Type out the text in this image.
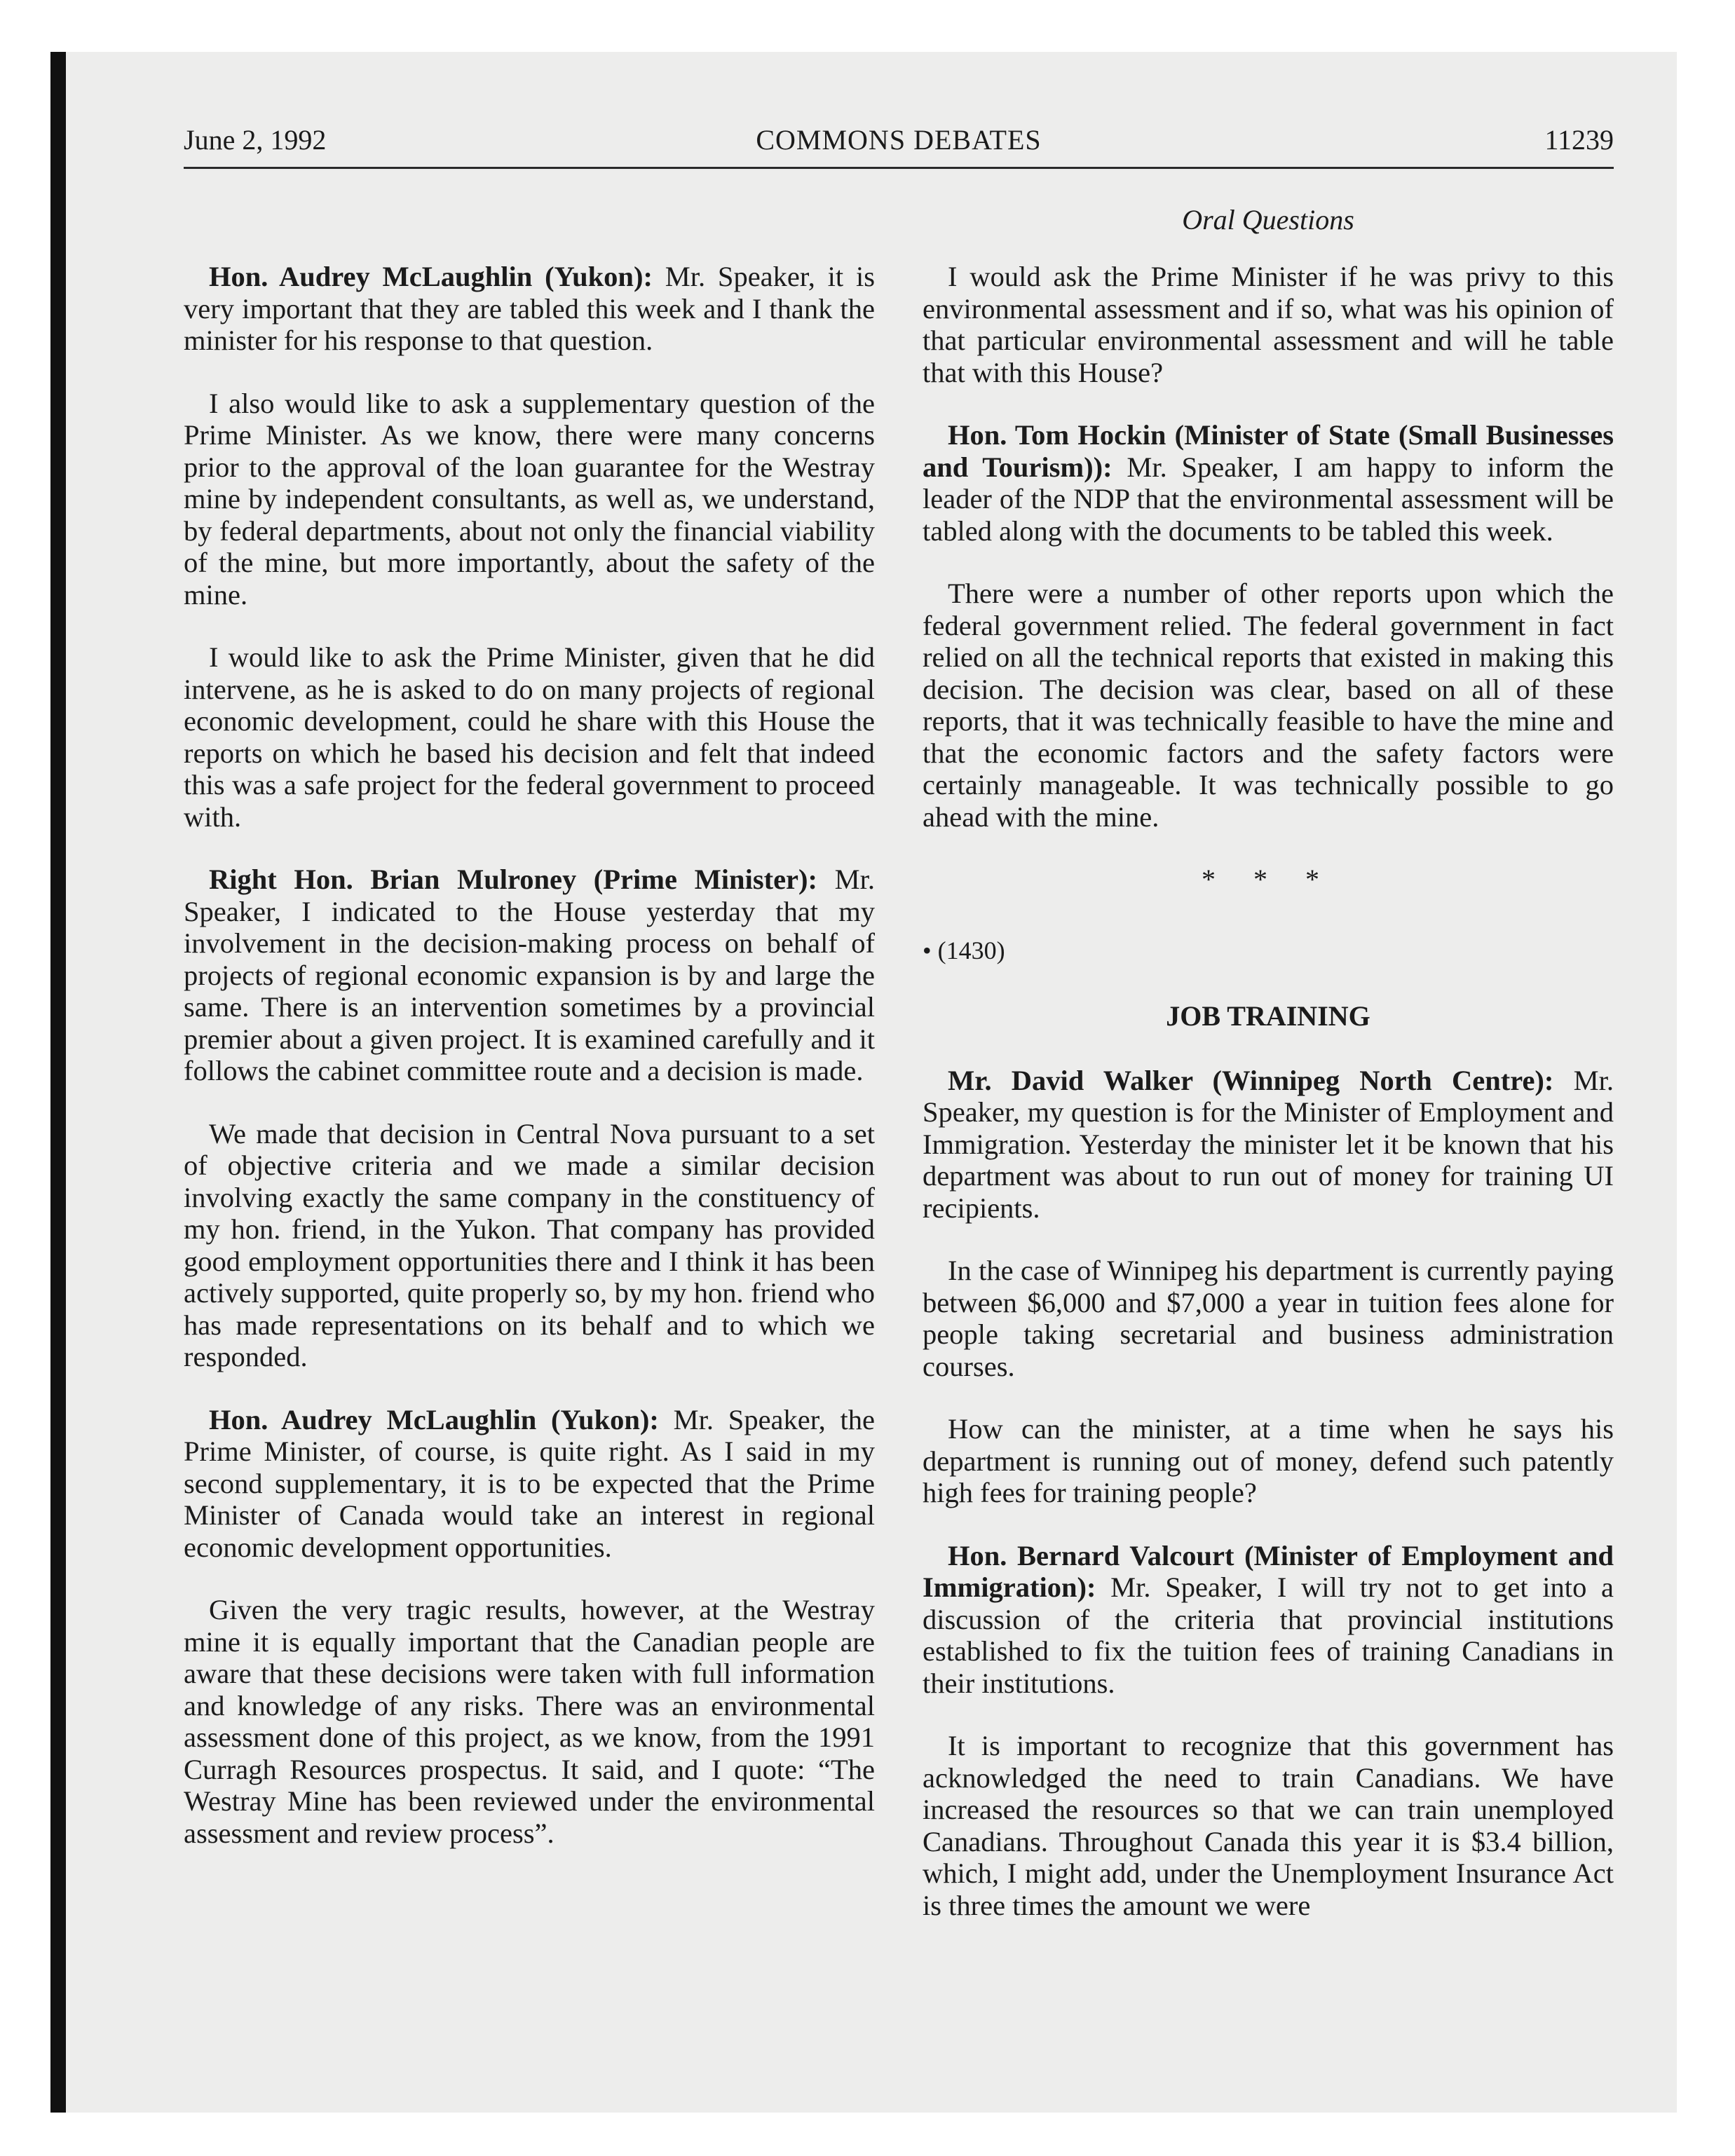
June 2, 1992	COMMONS DEBATES	11239
Oral Questions

Hon. Audrey McLaughlin (Yukon): Mr. Speaker, it is very important that they are tabled this week and I thank the minister for his response to that question.

I also would like to ask a supplementary question of the Prime Minister. As we know, there were many concerns prior to the approval of the loan guarantee for the Westray mine by independent consultants, as well as, we understand, by federal departments, about not only the financial viability of the mine, but more importantly, about the safety of the mine.

I would like to ask the Prime Minister, given that he did intervene, as he is asked to do on many projects of regional economic development, could he share with this House the reports on which he based his decision and felt that indeed this was a safe project for the federal government to proceed with.

Right Hon. Brian Mulroney (Prime Minister): Mr. Speaker, I indicated to the House yesterday that my involvement in the decision-making process on behalf of projects of regional economic expansion is by and large the same. There is an intervention sometimes by a provincial premier about a given project. It is examined carefully and it follows the cabinet committee route and a decision is made.

We made that decision in Central Nova pursuant to a set of objective criteria and we made a similar decision involving exactly the same company in the constituency of my hon. friend, in the Yukon. That company has provided good employment opportunities there and I think it has been actively supported, quite properly so, by my hon. friend who has made representations on its behalf and to which we responded.

Hon. Audrey McLaughlin (Yukon): Mr. Speaker, the Prime Minister, of course, is quite right. As I said in my second supplementary, it is to be expected that the Prime Minister of Canada would take an interest in regional economic development opportunities.

Given the very tragic results, however, at the Westray mine it is equally important that the Canadian people are aware that these decisions were taken with full information and knowledge of any risks. There was an environmental assessment done of this project, as we know, from the 1991 Curragh Resources prospectus. It said, and I quote: “The Westray Mine has been reviewed under the environmental assessment and review process”.

I would ask the Prime Minister if he was privy to this environmental assessment and if so, what was his opinion of that particular environmental assessment and will he table that with this House?

Hon. Tom Hockin (Minister of State (Small Businesses and Tourism)): Mr. Speaker, I am happy to inform the leader of the NDP that the environmental assessment will be tabled along with the documents to be tabled this week.

There were a number of other reports upon which the federal government relied. The federal government in fact relied on all the technical reports that existed in making this decision. The decision was clear, based on all of these reports, that it was technically feasible to have the mine and that the economic factors and the safety factors were certainly manageable. It was technically possible to go ahead with the mine.

* * *
• (1430)
JOB TRAINING

Mr. David Walker (Winnipeg North Centre): Mr. Speaker, my question is for the Minister of Employment and Immigration. Yesterday the minister let it be known that his department was about to run out of money for training UI recipients.

In the case of Winnipeg his department is currently paying between $6,000 and $7,000 a year in tuition fees alone for people taking secretarial and business administration courses.

How can the minister, at a time when he says his department is running out of money, defend such patently high fees for training people?

Hon. Bernard Valcourt (Minister of Employment and Immigration): Mr. Speaker, I will try not to get into a discussion of the criteria that provincial institutions established to fix the tuition fees of training Canadians in their institutions.

It is important to recognize that this government has acknowledged the need to train Canadians. We have increased the resources so that we can train unemployed Canadians. Throughout Canada this year it is $3.4 billion, which, I might add, under the Unemployment Insurance Act is three times the amount we were
